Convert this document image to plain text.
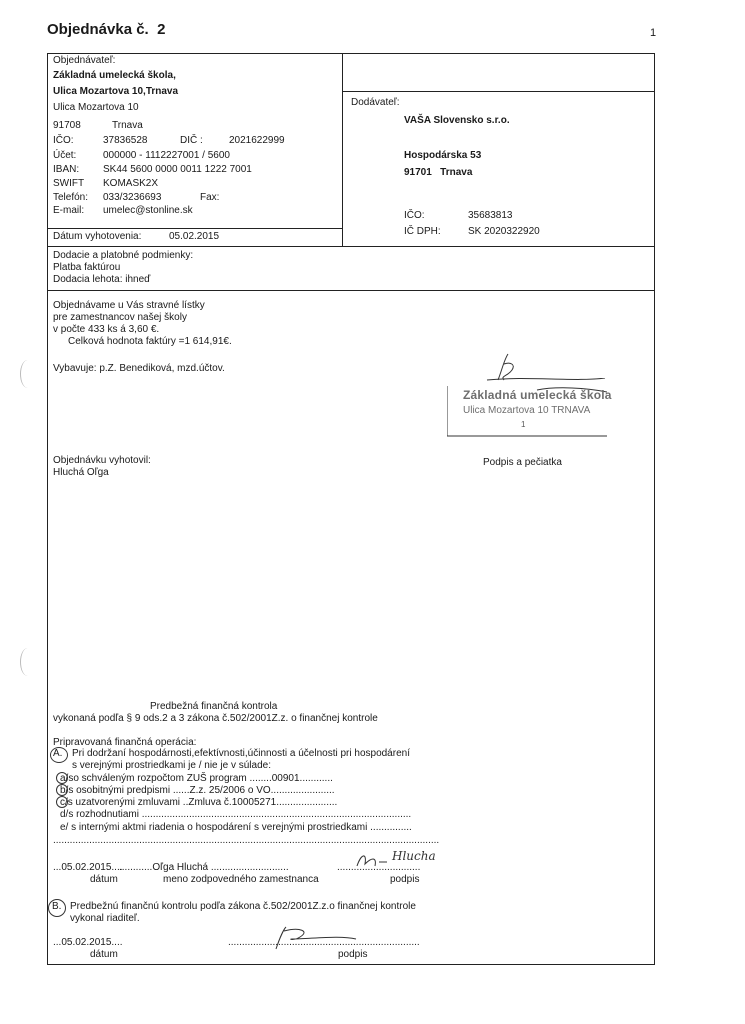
Objednávka č. 2	1
Objednávateľ:
Základná umelecká škola,
Ulica Mozartova 10,Trnava
Ulica Mozartova 10
91708	Trnava
IČO:	37836528	DIČ :	2021622999
Účet:	000000 - 1112227001 / 5600
IBAN: SK44 5600 0000 0011 1222 7001
SWIFT KOMASK2X
Telefón: 033/3236693	Fax:
E-mail: umelec@stonline.sk
Dátum vyhotovenia:	05.02.2015
Dodávateľ:
VAŠA Slovensko s.r.o.
Hospodárska 53
91701   Trnava
IČO:	35683813
IČ DPH:	SK 2020322920
Dodacie a platobné podmienky:
Platba faktúrou
Dodacia lehota: ihneď
Objednávame u Vás stravné lístky
pre zamestnancov našej školy
v počte 433 ks á 3,60 €.
Celková hodnota faktúry =1 614,91€.
Vybavuje: p.Z. Benediková, mzd.účtov.
Základná umelecká škola
Ulica Mozartova 10 TRNAVA
1
Objednávku vyhotovil:
Hluchá Oľga
Podpis a pečiatka
Predbežná finančná kontrola
vykonaná podľa § 9 ods.2 a 3 zákona č.502/2001Z.z. o finančnej kontrole
Pripravovaná finančná operácia:
A. Pri dodržaní hospodárnosti,efektívnosti,účinnosti a účelnosti pri hospodárení
s verejnými prostriedkami je / nie je v súlade:
a/so schváleným rozpočtom ZUŠ program ........00901............
b/s osobitnými predpismi ......Z.z. 25/2006 o VO.......................
c/s uzatvorenými zmluvami ..Zmluva č.10005271......................
d/s rozhodnutiami .................................................................................................
e/ s internými aktmi riadenia o hospodárení s verejnými prostriedkami ...............
...........................................................................................................................................
...05.02.2015....
............Oľga Hluchá ............................	..............................
Hlucha
dátum	meno zodpovedného zamestnanca	podpis
B. Predbežnú finančnú kontrolu podľa zákona č.502/2001Z.z.o finančnej kontrole
vykonal riaditeľ.
...05.02.2015....	.....................................................................
dátum	podpis
